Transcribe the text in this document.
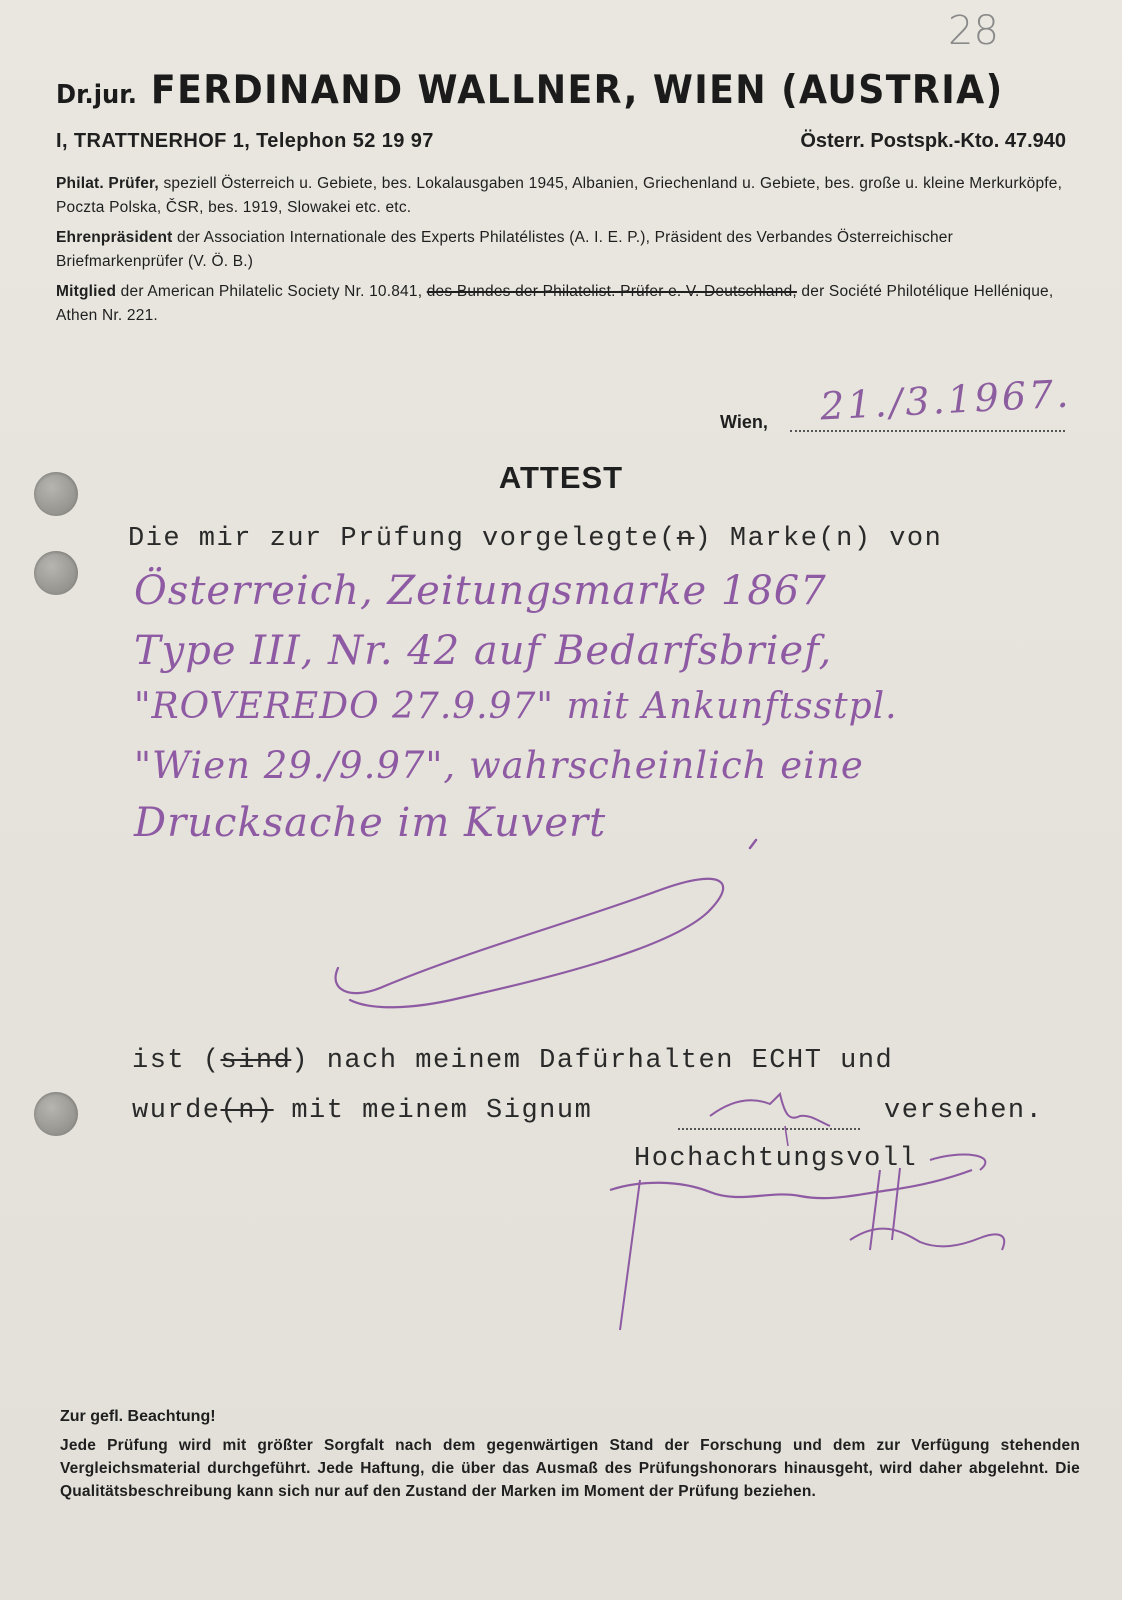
28
Dr.jur. FERDINAND WALLNER, WIEN (AUSTRIA)
I, TRATTNERHOF 1, Telephon 52 19 97	Österr. Postspk.-Kto. 47.940
Philat. Prüfer, speziell Österreich u. Gebiete, bes. Lokalausgaben 1945, Albanien, Griechenland u. Gebiete, bes. große u. kleine Merkurköpfe, Poczta Polska, ČSR, bes. 1919, Slowakei etc. etc.
Ehrenpräsident der Association Internationale des Experts Philatélistes (A. I. E. P.), Präsident des Verbandes Österreichischer Briefmarkenprüfer (V. Ö. B.)
Mitglied der American Philatelic Society Nr. 10.841, des Bundes der Philatelist. Prüfer e. V. Deutschland, der Société Philotélique Hellénique, Athen Nr. 221.
Wien, 21./3.1967.
ATTEST
Die mir zur Prüfung vorgelegte(n) Marke(n) von
Österreich, Zeitungsmarke 1867
Type III, Nr. 42 auf Bedarfsbrief,
"ROVEREDO 27.9.97" mit Ankunftsstpl.
"Wien 29./9.97", wahrscheinlich eine
Drucksache im Kuvert
ist (sind) nach meinem Dafürhalten ECHT und
wurde(n) mit meinem Signum	versehen.
Hochachtungsvoll
Zur gefl. Beachtung!
Jede Prüfung wird mit größter Sorgfalt nach dem gegenwärtigen Stand der Forschung und dem zur Verfügung stehenden Vergleichsmaterial durchgeführt. Jede Haftung, die über das Ausmaß des Prüfungshonorars hinausgeht, wird daher abgelehnt. Die Qualitätsbeschreibung kann sich nur auf den Zustand der Marken im Moment der Prüfung beziehen.
